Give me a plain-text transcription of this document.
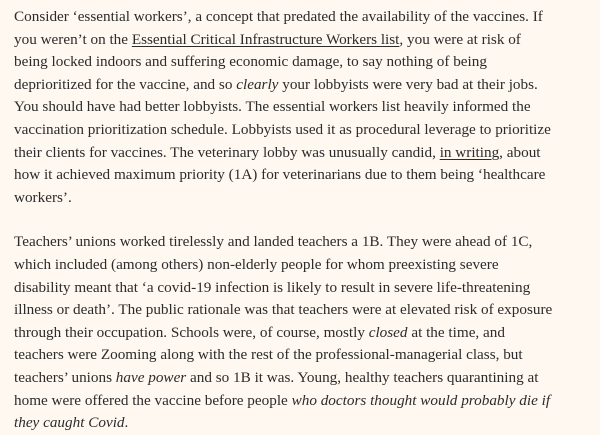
Consider ‘essential workers’, a concept that predated the availability of the vaccines. If
you weren’t on the Essential Critical Infrastructure Workers list, you were at risk of
being locked indoors and suffering economic damage, to say nothing of being
deprioritized for the vaccine, and so clearly your lobbyists were very bad at their jobs.
You should have had better lobbyists. The essential workers list heavily informed the
vaccination prioritization schedule. Lobbyists used it as procedural leverage to prioritize
their clients for vaccines. The veterinary lobby was unusually candid, in writing, about
how it achieved maximum priority (1A) for veterinarians due to them being ‘healthcare
workers’.
Teachers’ unions worked tirelessly and landed teachers a 1B. They were ahead of 1C,
which included (among others) non-elderly people for whom preexisting severe
disability meant that ‘a covid-19 infection is likely to result in severe life-threatening
illness or death’. The public rationale was that teachers were at elevated risk of exposure
through their occupation. Schools were, of course, mostly closed at the time, and
teachers were Zooming along with the rest of the professional-managerial class, but
teachers’ unions have power and so 1B it was. Young, healthy teachers quarantining at
home were offered the vaccine before people who doctors thought would probably die if
they caught Covid.
